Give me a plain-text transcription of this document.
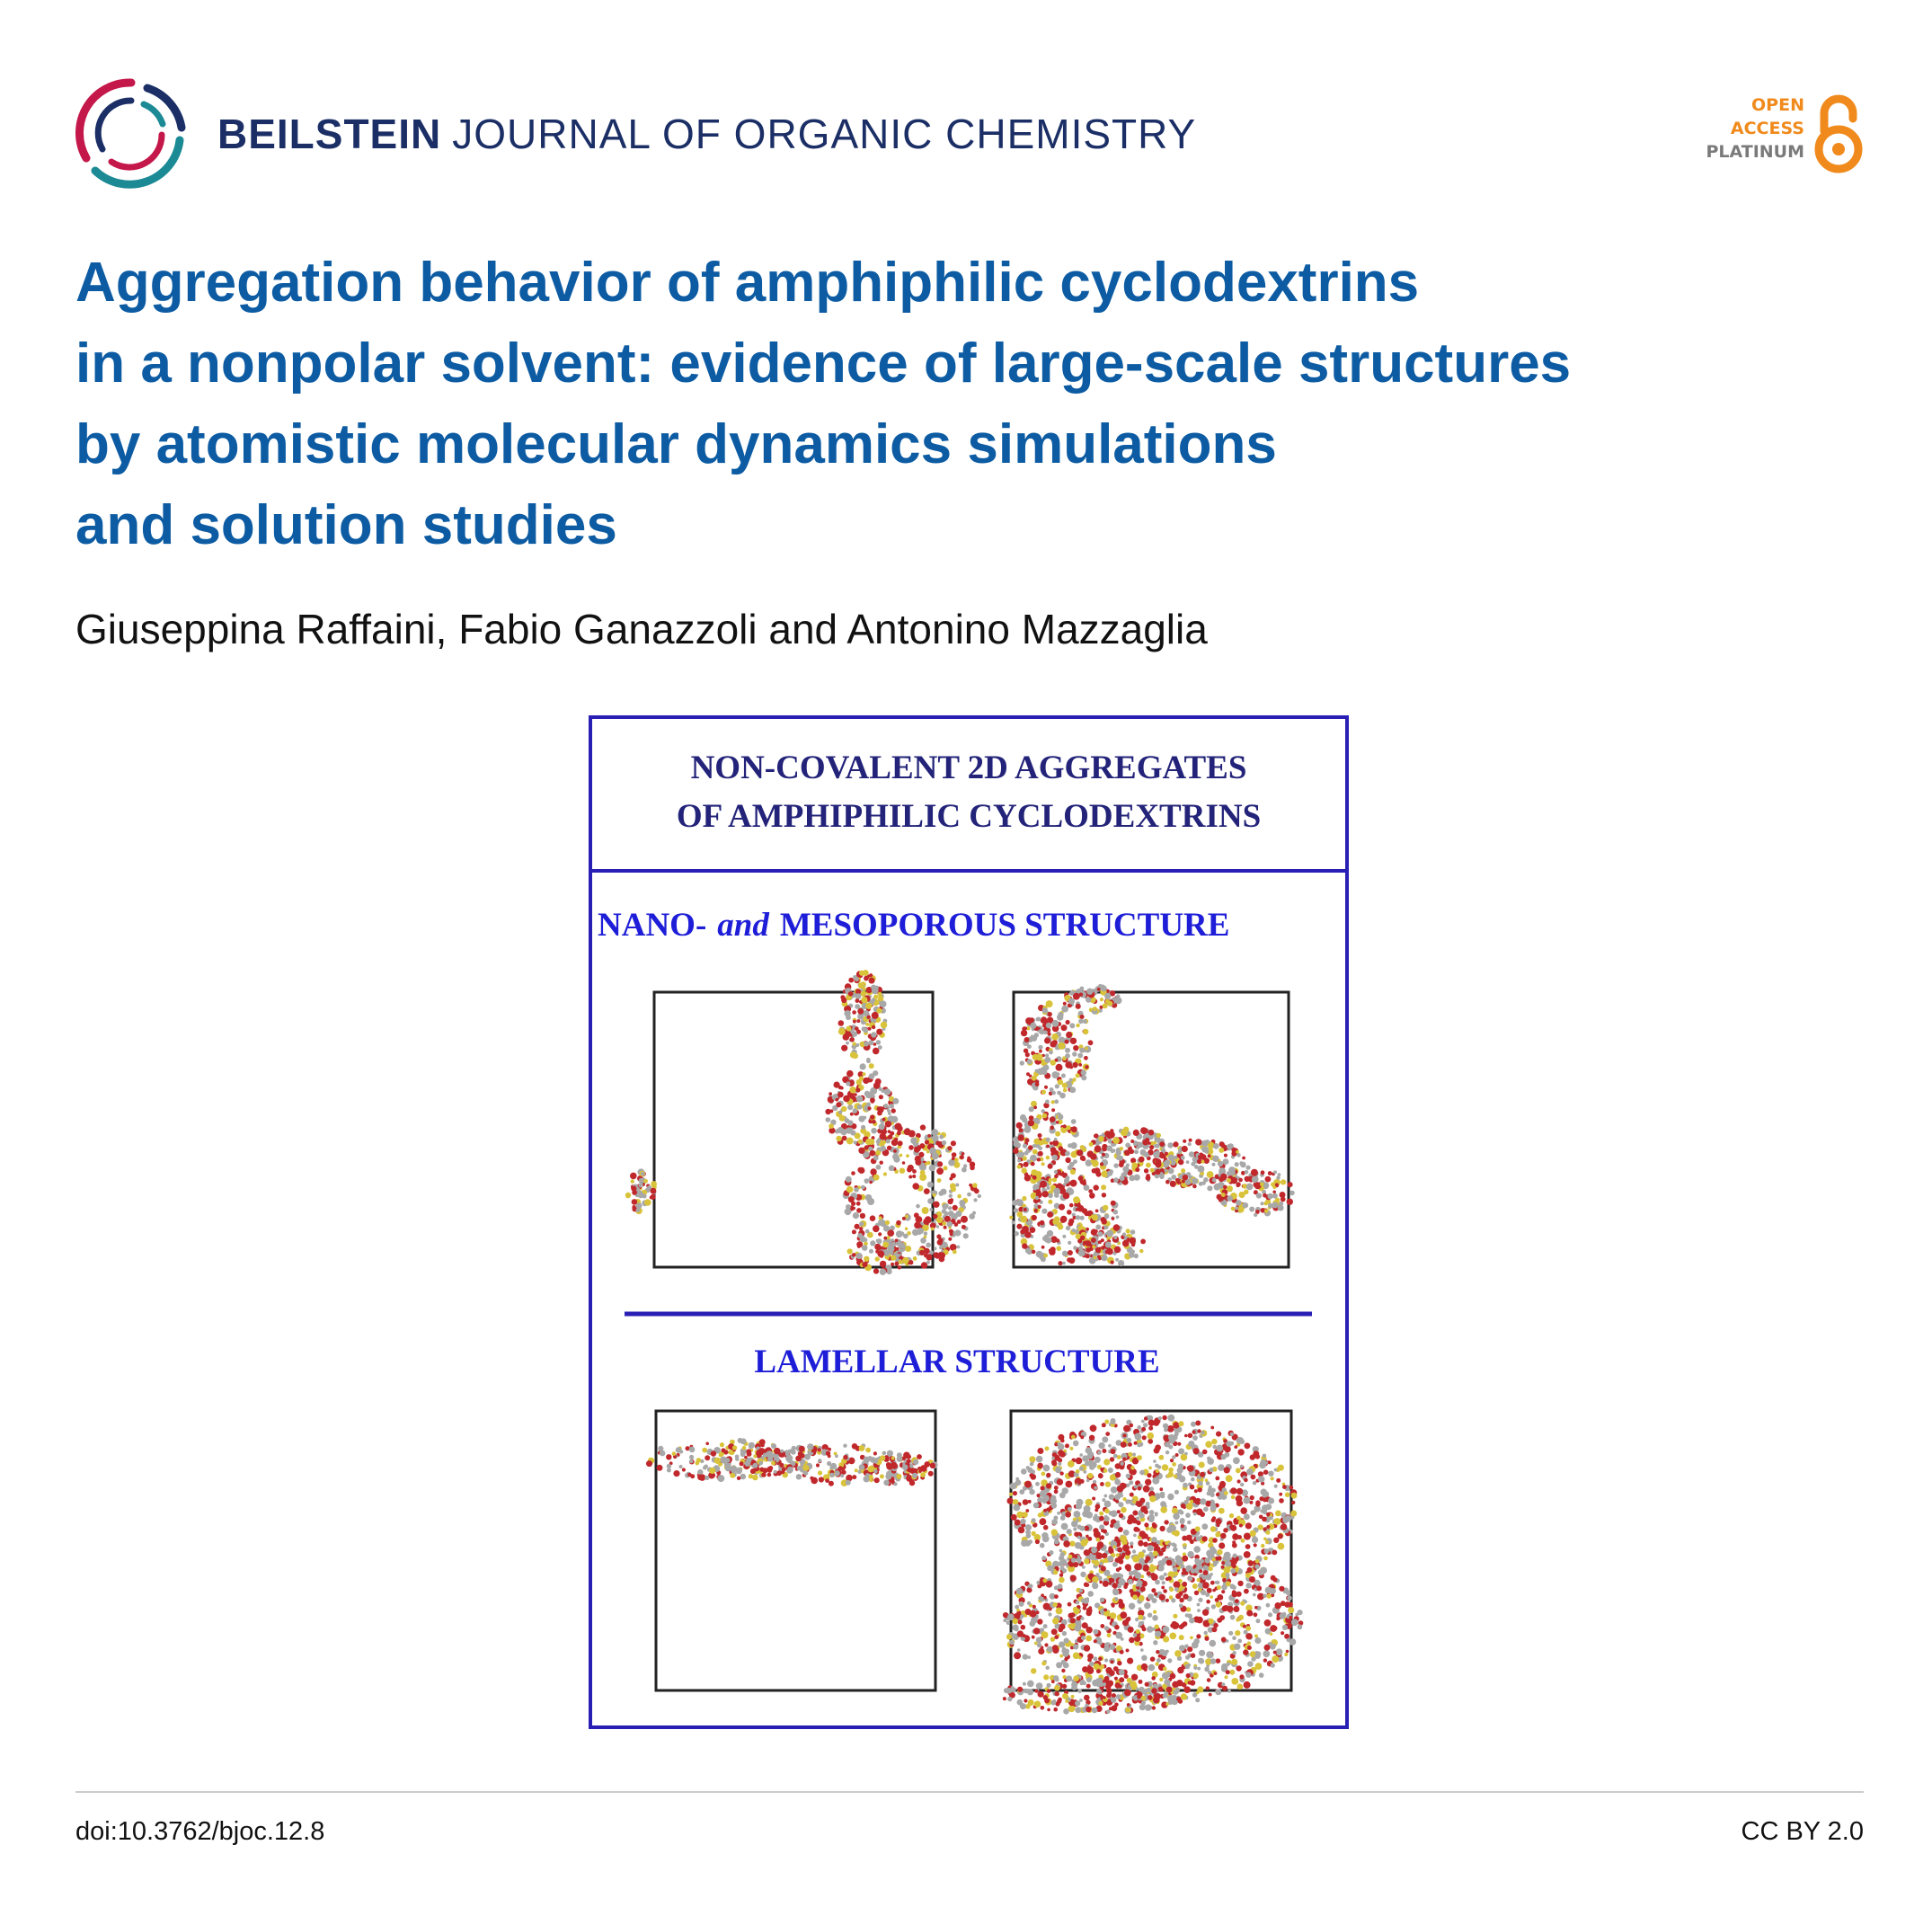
BEILSTEIN JOURNAL OF ORGANIC CHEMISTRY
OPEN
ACCESS
PLATINUM
Aggregation behavior of amphiphilic cyclodextrins
in a nonpolar solvent: evidence of large-scale structures
by atomistic molecular dynamics simulations
and solution studies
Giuseppina Raffaini, Fabio Ganazzoli and Antonino Mazzaglia
NON-COVALENT 2D AGGREGATES
OF AMPHIPHILIC CYCLODEXTRINS
NANO- and MESOPOROUS STRUCTURE
LAMELLAR STRUCTURE
doi:10.3762/bjoc.12.8	CC BY 2.0
